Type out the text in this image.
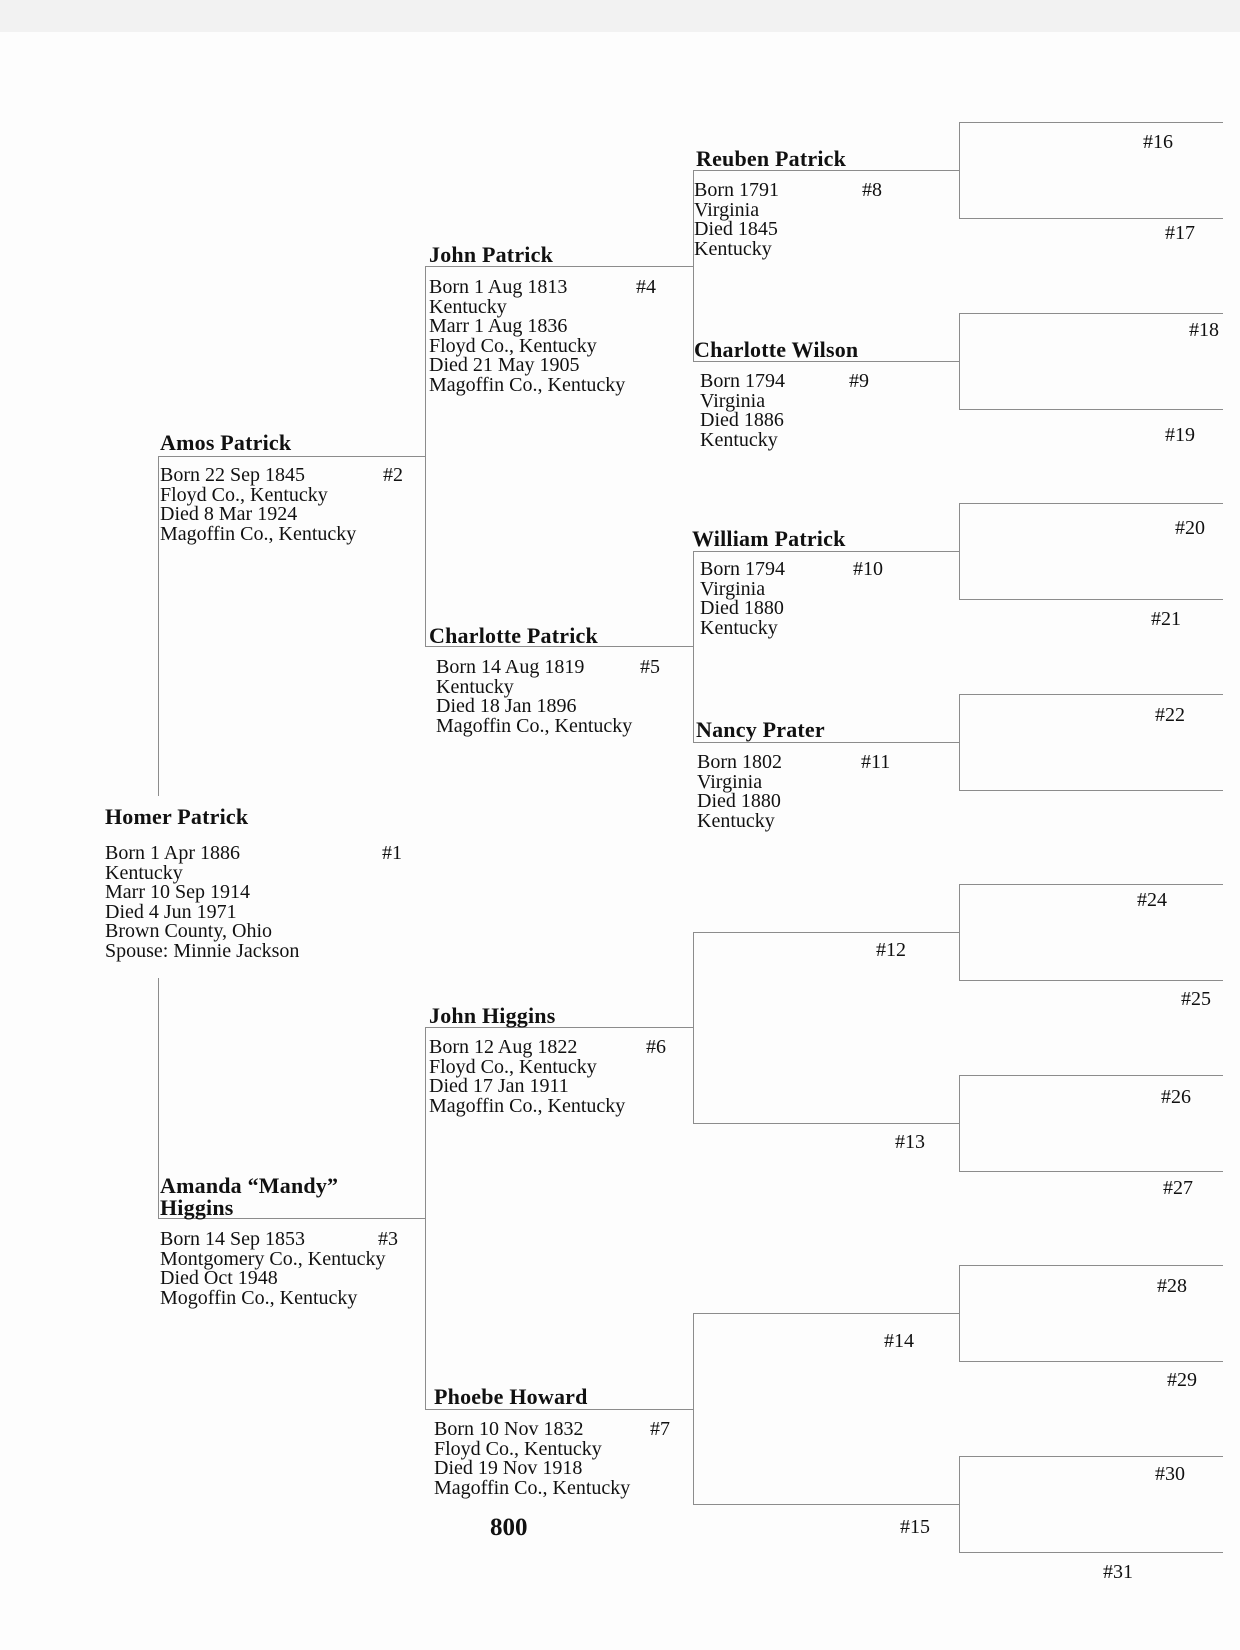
Homer Patrick
#1
Born 1 Apr 1886
Kentucky
Marr 10 Sep 1914
Died 4 Jun 1971
Brown County, Ohio
Spouse: Minnie Jackson
Amos Patrick
#2
Born 22 Sep 1845
Floyd Co., Kentucky
Died 8 Mar 1924
Magoffin Co., Kentucky
Amanda “Mandy”
Higgins
#3
Born 14 Sep 1853
Montgomery Co., Kentucky
Died Oct 1948
Mogoffin Co., Kentucky
John Patrick
#4
Born 1 Aug 1813
Kentucky
Marr 1 Aug 1836
Floyd Co., Kentucky
Died 21 May 1905
Magoffin Co., Kentucky
Charlotte Patrick
#5
Born 14 Aug 1819
Kentucky
Died 18 Jan 1896
Magoffin Co., Kentucky
John Higgins
#6
Born 12 Aug 1822
Floyd Co., Kentucky
Died 17 Jan 1911
Magoffin Co., Kentucky
Phoebe Howard
#7
Born 10 Nov 1832
Floyd Co., Kentucky
Died 19 Nov 1918
Magoffin Co., Kentucky
Reuben Patrick
#8
Born 1791
Virginia
Died 1845
Kentucky
Charlotte Wilson
#9
Born 1794
Virginia
Died 1886
Kentucky
William Patrick
#10
Born 1794
Virginia
Died 1880
Kentucky
Nancy Prater
#11
Born 1802
Virginia
Died 1880
Kentucky
#12
#13
#14
#15
#16
#17
#18
#19
#20
#21
#22
#24
#25
#26
#27
#28
#29
#30
#31
800
